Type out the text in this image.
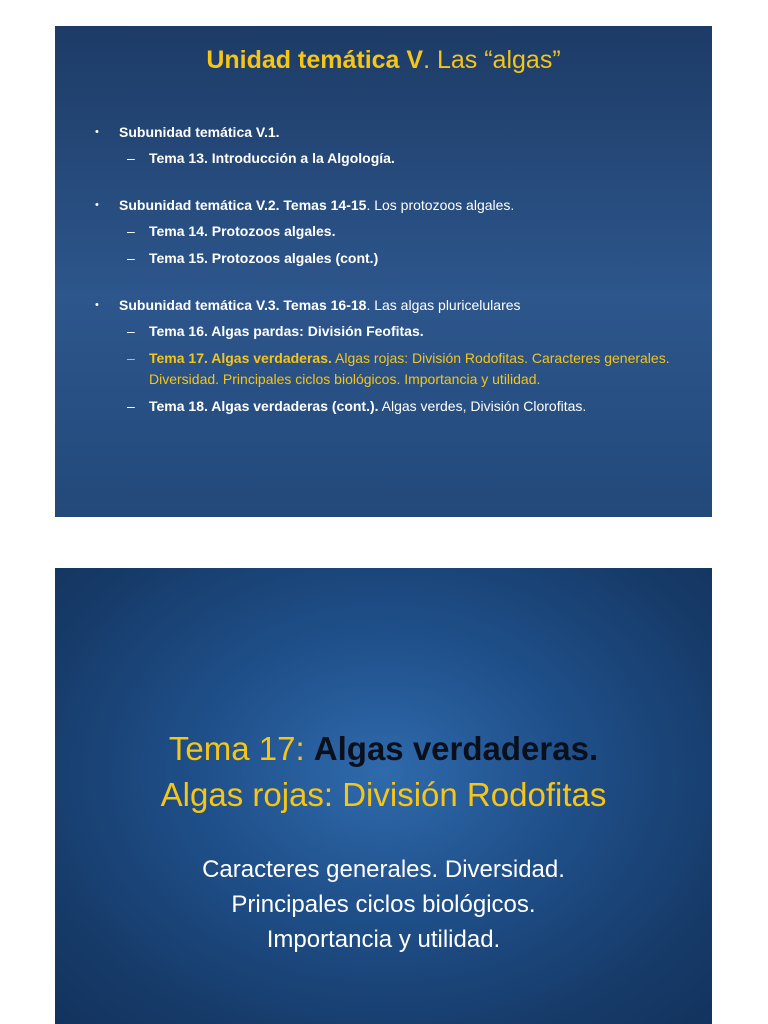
Unidad temática V. Las “algas”
• Subunidad temática V.1.
– Tema 13. Introducción a la Algología.
• Subunidad temática V.2. Temas 14-15. Los protozoos algales.
– Tema 14. Protozoos algales.
– Tema 15. Protozoos algales (cont.)
• Subunidad temática V.3. Temas 16-18. Las algas pluricelulares
– Tema 16. Algas pardas: División Feofitas.
– Tema 17. Algas verdaderas. Algas rojas: División Rodofitas. Caracteres generales. Diversidad. Principales ciclos biológicos. Importancia y utilidad.
– Tema 18. Algas verdaderas (cont.). Algas verdes, División Clorofitas.
Tema 17: Algas verdaderas.
Algas rojas: División Rodofitas
Caracteres generales. Diversidad.
Principales ciclos biológicos.
Importancia y utilidad.
